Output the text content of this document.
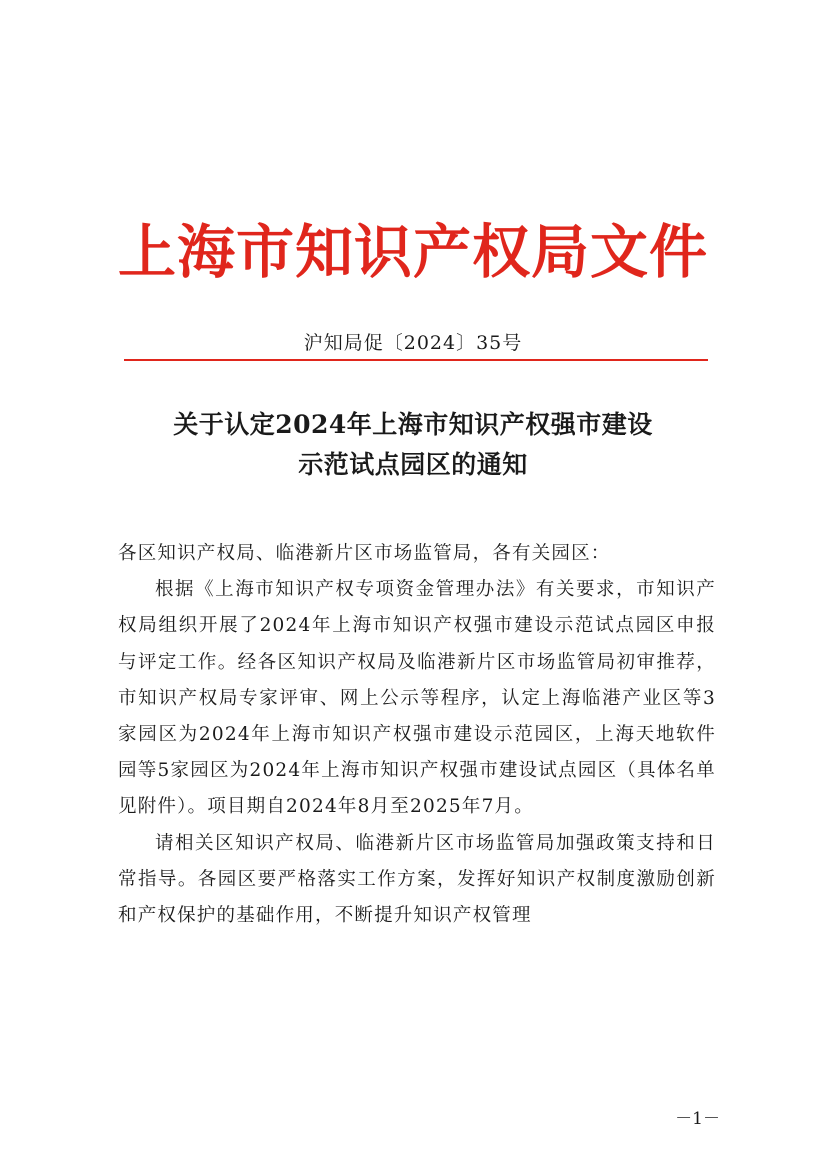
上海市知识产权局文件
沪知局促〔2024〕35号
关于认定2024年上海市知识产权强市建设
示范试点园区的通知

各区知识产权局、临港新片区市场监管局，各有关园区：

根据《上海市知识产权专项资金管理办法》有关要求，市知识产权局组织开展了2024年上海市知识产权强市建设示范试点园区申报与评定工作。经各区知识产权局及临港新片区市场监管局初审推荐，市知识产权局专家评审、网上公示等程序，认定上海临港产业区等3家园区为2024年上海市知识产权强市建设示范园区，上海天地软件园等5家园区为2024年上海市知识产权强市建设试点园区（具体名单见附件）。项目期自2024年8月至2025年7月。

请相关区知识产权局、临港新片区市场监管局加强政策支持和日常指导。各园区要严格落实工作方案，发挥好知识产权制度激励创新和产权保护的基础作用，不断提升知识产权管理

－1－
